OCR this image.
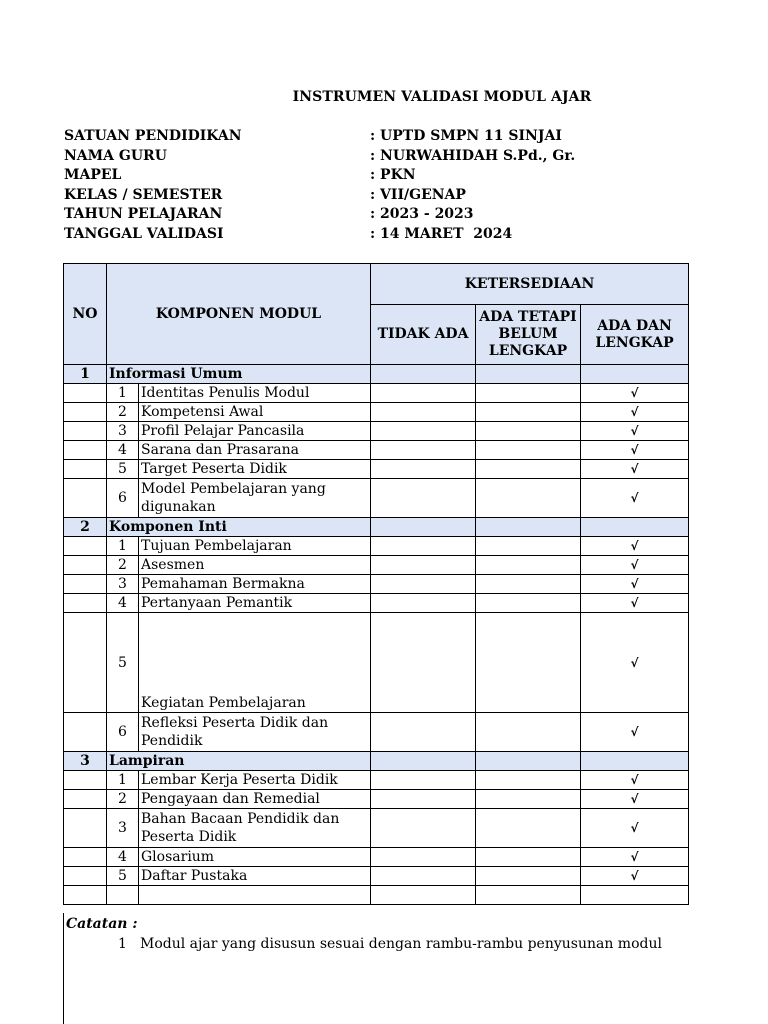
INSTRUMEN VALIDASI MODUL AJAR
SATUAN PENDIDIKAN	: UPTD SMPN 11 SINJAI
NAMA GURU	: NURWAHIDAH S.Pd., Gr.
MAPEL	: PKN
KELAS / SEMESTER	: VII/GENAP
TAHUN PELAJARAN	: 2023 - 2023
TANGGAL VALIDASI	: 14 MARET  2024
NO	KOMPONEN MODUL		KETERSEDIAAN		
			TIDAK ADA	ADA TETAPI BELUM LENGKAP	ADA DAN LENGKAP
1	Informasi Umum				
	1	Identitas Penulis Modul			√
	2	Kompetensi Awal			√
	3	Profil Pelajar Pancasila			√
	4	Sarana dan Prasarana			√
	5	Target Peserta Didik			√
	6	Model Pembelajaran yang digunakan			√
2	Komponen Inti				
	1	Tujuan Pembelajaran			√
	2	Asesmen			√
	3	Pemahaman Bermakna			√
	4	Pertanyaan Pemantik			√
	5	Kegiatan Pembelajaran			√
	6	Refleksi Peserta Didik dan Pendidik			√
3	Lampiran				
	1	Lembar Kerja Peserta Didik			√
	2	Pengayaan dan Remedial			√
	3	Bahan Bacaan Pendidik dan Peserta Didik			√
	4	Glosarium			√
	5	Daftar Pustaka			√

Catatan :
1 Modul ajar yang disusun sesuai dengan rambu-rambu penyusunan modul
